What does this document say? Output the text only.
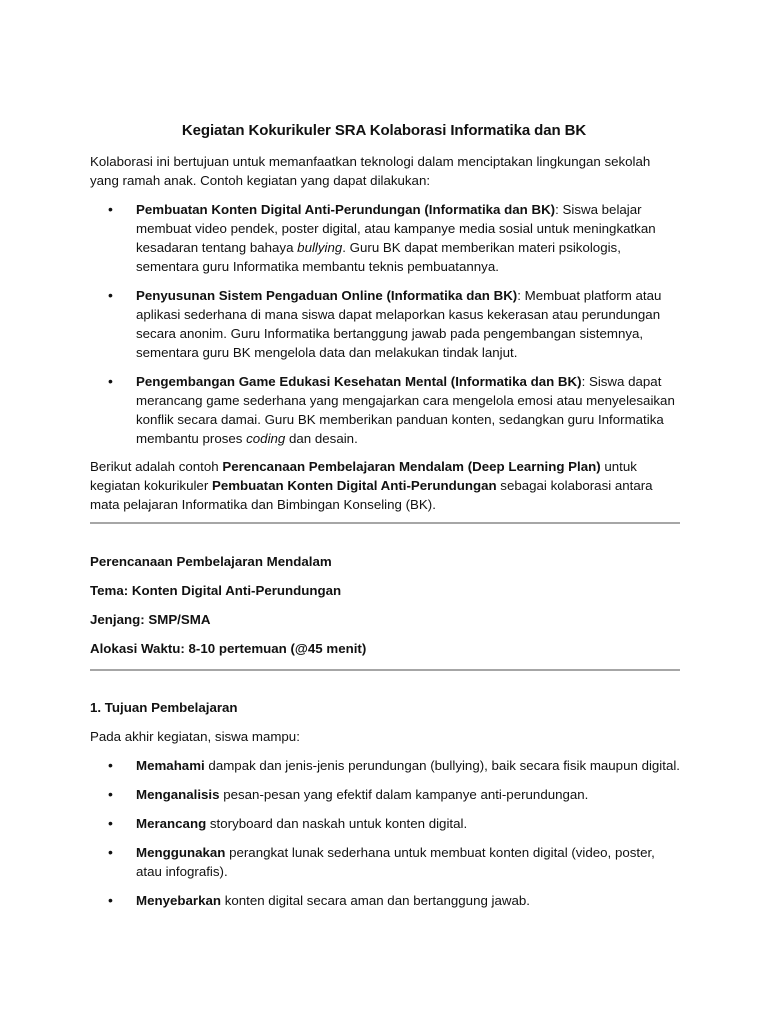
Kegiatan Kokurikuler SRA Kolaborasi Informatika dan BK
Kolaborasi ini bertujuan untuk memanfaatkan teknologi dalam menciptakan lingkungan sekolah yang ramah anak. Contoh kegiatan yang dapat dilakukan:
• Pembuatan Konten Digital Anti-Perundungan (Informatika dan BK): Siswa belajar membuat video pendek, poster digital, atau kampanye media sosial untuk meningkatkan kesadaran tentang bahaya bullying. Guru BK dapat memberikan materi psikologis, sementara guru Informatika membantu teknis pembuatannya.
• Penyusunan Sistem Pengaduan Online (Informatika dan BK): Membuat platform atau aplikasi sederhana di mana siswa dapat melaporkan kasus kekerasan atau perundungan secara anonim. Guru Informatika bertanggung jawab pada pengembangan sistemnya, sementara guru BK mengelola data dan melakukan tindak lanjut.
• Pengembangan Game Edukasi Kesehatan Mental (Informatika dan BK): Siswa dapat merancang game sederhana yang mengajarkan cara mengelola emosi atau menyelesaikan konflik secara damai. Guru BK memberikan panduan konten, sedangkan guru Informatika membantu proses coding dan desain.
Berikut adalah contoh Perencanaan Pembelajaran Mendalam (Deep Learning Plan) untuk kegiatan kokurikuler Pembuatan Konten Digital Anti-Perundungan sebagai kolaborasi antara mata pelajaran Informatika dan Bimbingan Konseling (BK).
Perencanaan Pembelajaran Mendalam
Tema: Konten Digital Anti-Perundungan
Jenjang: SMP/SMA
Alokasi Waktu: 8-10 pertemuan (@45 menit)
1. Tujuan Pembelajaran
Pada akhir kegiatan, siswa mampu:
• Memahami dampak dan jenis-jenis perundungan (bullying), baik secara fisik maupun digital.
• Menganalisis pesan-pesan yang efektif dalam kampanye anti-perundungan.
• Merancang storyboard dan naskah untuk konten digital.
• Menggunakan perangkat lunak sederhana untuk membuat konten digital (video, poster, atau infografis).
• Menyebarkan konten digital secara aman dan bertanggung jawab.
